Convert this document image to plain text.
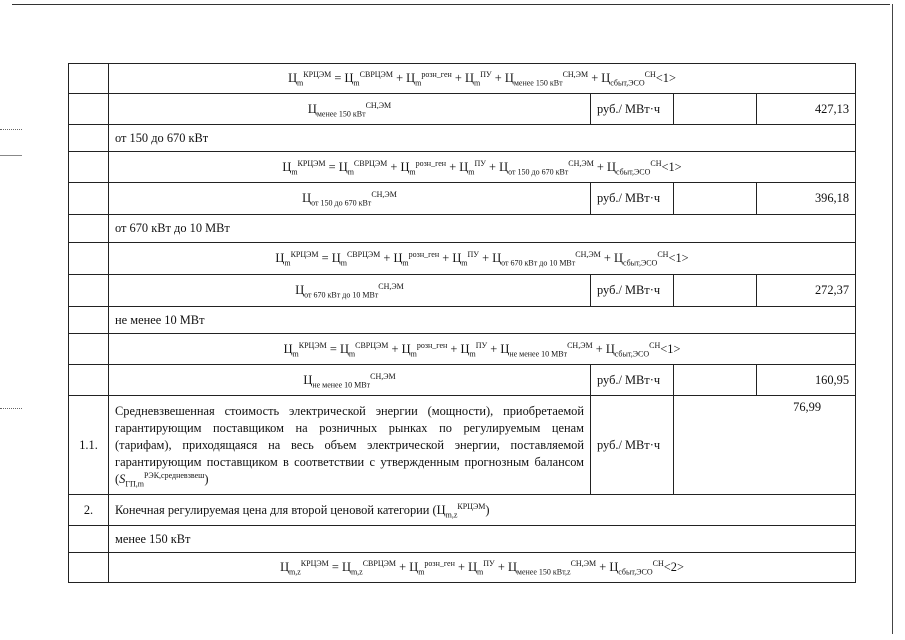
	$Ц_m^{КРЦЭМ} = Ц_m^{СВРЦЭМ} + Ц_m^{розн\_ген} + Ц_m^{ПУ} + Ц_{менее 150 кВт}^{СН,ЭМ} + Ц_{сбыт,ЭСО}^{СН}<1>$			
	$Ц_{менее 150 кВт}^{СН,ЭМ}$	руб./ МВт·ч		427,13
	от 150 до 670 кВт			
	$Ц_m^{КРЦЭМ} = Ц_m^{СВРЦЭМ} + Ц_m^{розн\_ген} + Ц_m^{ПУ} + Ц_{от 150 до 670 кВт}^{СН,ЭМ} + Ц_{сбыт,ЭСО}^{СН}<1>$			
	$Ц_{от 150 до 670 кВт}^{СН,ЭМ}$	руб./ МВт·ч		396,18
	от 670 кВт до 10 МВт			
	$Ц_m^{КРЦЭМ} = Ц_m^{СВРЦЭМ} + Ц_m^{розн\_ген} + Ц_m^{ПУ} + Ц_{от 670 кВт до 10 МВт}^{СН,ЭМ} + Ц_{сбыт,ЭСО}^{СН}<1>$			
	$Ц_{от 670 кВт до 10 МВт}^{СН,ЭМ}$	руб./ МВт·ч		272,37
	не менее 10 МВт			
	$Ц_m^{КРЦЭМ} = Ц_m^{СВРЦЭМ} + Ц_m^{розн\_ген} + Ц_m^{ПУ} + Ц_{не менее 10 МВт}^{СН,ЭМ} + Ц_{сбыт,ЭСО}^{СН}<1>$			
	$Ц_{не менее 10 МВт}^{СН,ЭМ}$	руб./ МВт·ч		160,95
1.1.	Средневзвешенная стоимость электрической энергии (мощности), приобретаемой гарантирующим поставщиком на розничных рынках по регулируемым ценам (тарифам), приходящаяся на весь объем электрической энергии, поставляемой гарантирующим поставщиком в соответствии с утвержденным прогнозным балансом $(S_{ГП,m}^{РЭК,средневзвеш})$	руб./ МВт·ч	76,99	
2.	Конечная регулируемая цена для второй ценовой категории $(Ц_{m,z}^{КРЦЭМ})$			
	менее 150 кВт			
	$Ц_{m,z}^{КРЦЭМ} = Ц_{m,z}^{СВРЦЭМ} + Ц_m^{розн\_ген} + Ц_m^{ПУ} + Ц_{менее 150 кВт,z}^{СН,ЭМ} + Ц_{сбыт,ЭСО}^{СН}<2>$			
